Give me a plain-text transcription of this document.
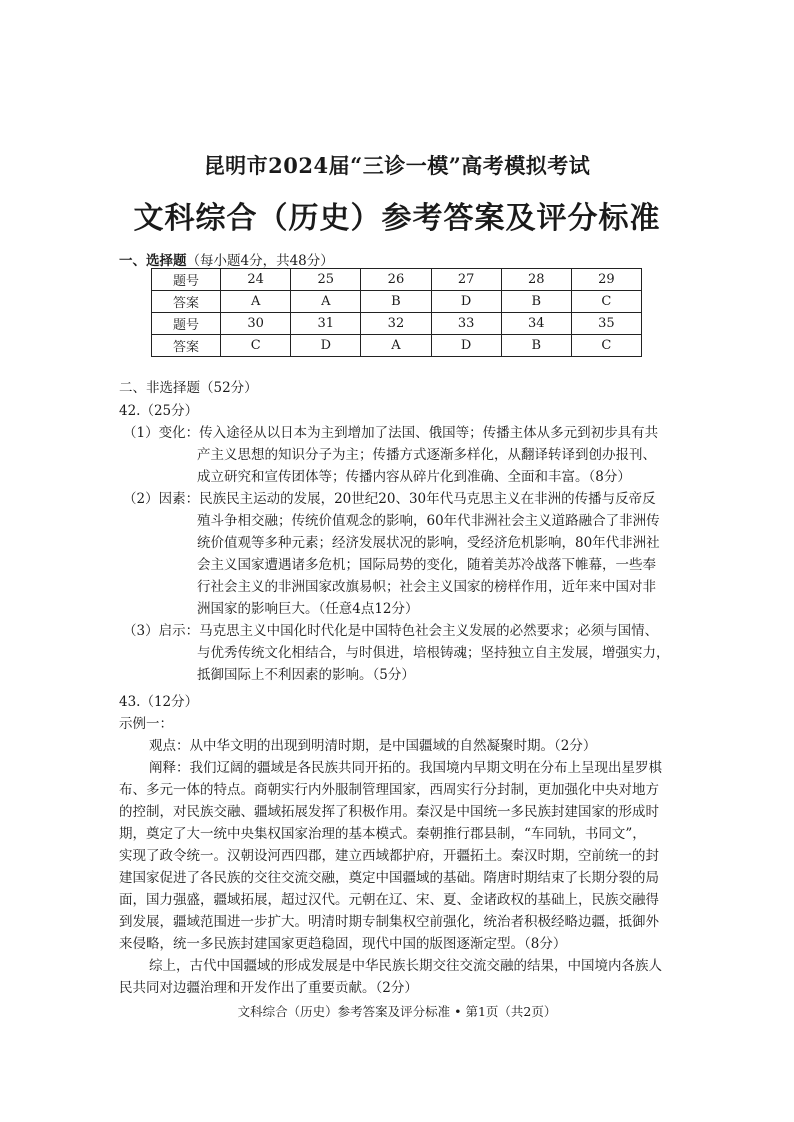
昆明市2024届“三诊一模”高考模拟考试
文科综合（历史）参考答案及评分标准
一、选择题（每小题4分，共48分）
题号	24	25	26	27	28	29
答案	A	A	B	D	B	C
题号	30	31	32	33	34	35
答案	C	D	A	D	B	C
二、非选择题（52分）
42.（25分）
（1）变化：传入途径从以日本为主到增加了法国、俄国等；传播主体从多元到初步具有共
产主义思想的知识分子为主；传播方式逐渐多样化，从翻译转译到创办报刊、
成立研究和宣传团体等；传播内容从碎片化到准确、全面和丰富。（8分）
（2）因素：民族民主运动的发展，20世纪20、30年代马克思主义在非洲的传播与反帝反
殖斗争相交融；传统价值观念的影响，60年代非洲社会主义道路融合了非洲传
统价值观等多种元素；经济发展状况的影响，受经济危机影响，80年代非洲社
会主义国家遭遇诸多危机；国际局势的变化，随着美苏冷战落下帷幕，一些奉
行社会主义的非洲国家改旗易帜；社会主义国家的榜样作用，近年来中国对非
洲国家的影响巨大。（任意4点12分）
（3）启示：马克思主义中国化时代化是中国特色社会主义发展的必然要求；必须与国情、
与优秀传统文化相结合，与时俱进，培根铸魂；坚持独立自主发展，增强实力，
抵御国际上不利因素的影响。（5分）
43.（12分）
示例一：
观点：从中华文明的出现到明清时期，是中国疆域的自然凝聚时期。（2分）
阐释：我们辽阔的疆域是各民族共同开拓的。我国境内早期文明在分布上呈现出星罗棋
布、多元一体的特点。商朝实行内外服制管理国家，西周实行分封制，更加强化中央对地方
的控制，对民族交融、疆域拓展发挥了积极作用。秦汉是中国统一多民族封建国家的形成时
期，奠定了大一统中央集权国家治理的基本模式。秦朝推行郡县制，“车同轨，书同文”，
实现了政令统一。汉朝设河西四郡，建立西域都护府，开疆拓土。秦汉时期，空前统一的封
建国家促进了各民族的交往交流交融，奠定中国疆域的基础。隋唐时期结束了长期分裂的局
面，国力强盛，疆域拓展，超过汉代。元朝在辽、宋、夏、金诸政权的基础上，民族交融得
到发展，疆域范围进一步扩大。明清时期专制集权空前强化，统治者积极经略边疆，抵御外
来侵略，统一多民族封建国家更趋稳固，现代中国的版图逐渐定型。（8分）
综上，古代中国疆域的形成发展是中华民族长期交往交流交融的结果，中国境内各族人
民共同对边疆治理和开发作出了重要贡献。（2分）
文科综合（历史）参考答案及评分标准 • 第1页（共2页）
